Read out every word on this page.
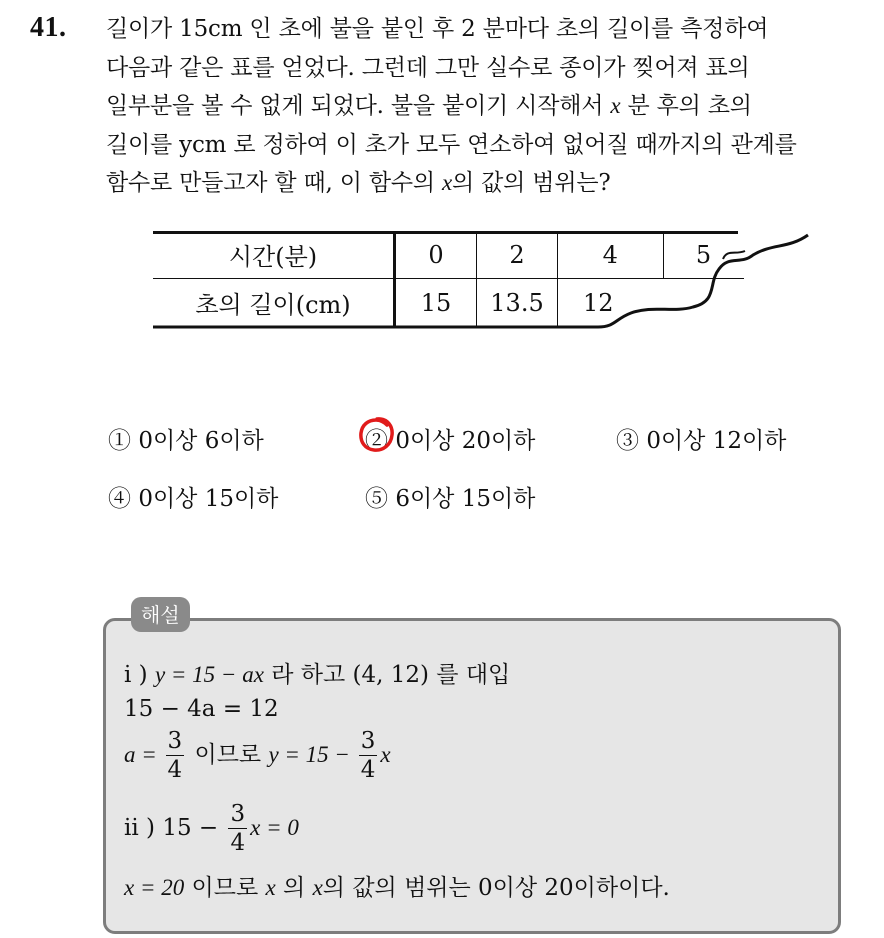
41. 길이가 15cm 인 초에 불을 붙인 후 2 분마다 초의 길이를 측정하여
다음과 같은 표를 얻었다. 그런데 그만 실수로 종이가 찢어져 표의
일부분을 볼 수 없게 되었다. 불을 붙이기 시작해서 x 분 후의 초의
길이를 ycm 로 정하여 이 초가 모두 연소하여 없어질 때까지의 관계를
함수로 만들고자 할 때, 이 함수의 x의 값의 범위는?
시간(분)	0	2	4	5
초의 길이(cm)	15	13.5	12	
① 0이상 6이하	② 0이상 20이하	③ 0이상 12이하
④ 0이상 15이하	⑤ 6이상 15이하
해설
i ) y = 15 − ax 라 하고 (4, 12) 를 대입
15 − 4a = 12
$a = \frac{3}{4}$ 이므로 $y = 15 - \frac{3}{4}$ x
ii ) $15 - \frac{3}{4}$ x = 0
x = 20 이므로 x 의 x의 값의 범위는 0이상 20이하이다.
